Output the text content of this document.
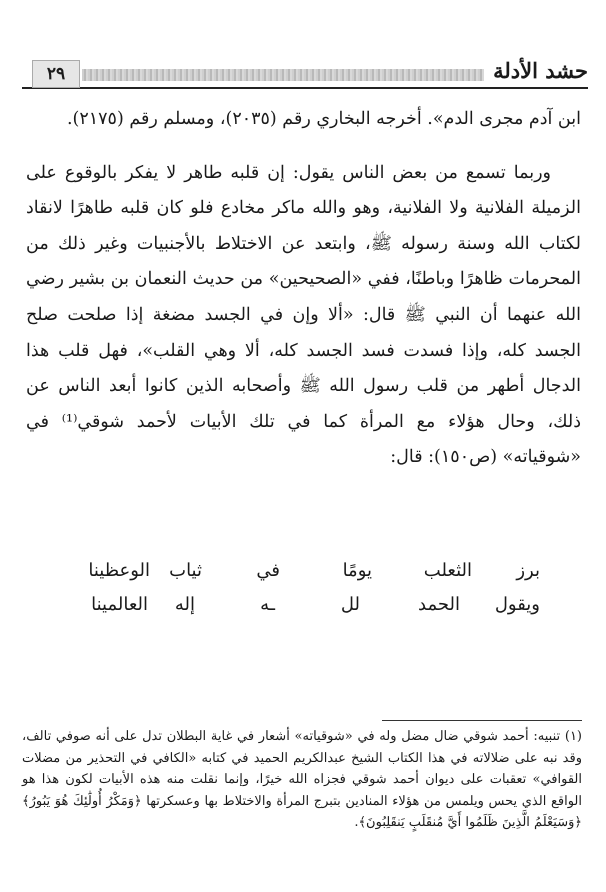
٢٩	حشد الأدلة

ابن آدم مجرى الدم». أخرجه البخاري رقم (٢٠٣٥)، ومسلم رقم (٢١٧٥).

وربما تسمع من بعض الناس يقول: إن قلبه طاهر لا يفكر بالوقوع على الزميلة الفلانية ولا الفلانية، وهو والله ماكر مخادع فلو كان قلبه طاهرًا لانقاد لكتاب الله وسنة رسوله ﷺ، وابتعد عن الاختلاط بالأجنبيات وغير ذلك من المحرمات ظاهرًا وباطنًا، ففي «الصحيحين» من حديث النعمان بن بشير رضي الله عنهما أن النبي ﷺ قال: «ألا وإن في الجسد مضغة إذا صلحت صلح الجسد كله، وإذا فسدت فسد الجسد كله، ألا وهي القلب»، فهل قلب هذا الدجال أطهر من قلب رسول الله ﷺ وأصحابه الذين كانوا أبعد الناس عن ذلك، وحال هؤلاء مع المرأة كما في تلك الأبيات لأحمد شوقي⁽¹⁾ في «شوقياته» (ص١٥٠): قال:

برز
الثعلب
يومًا
في
ثياب
الوعظينا
ويقول
الحمد
لل
ـه
إله
العالمينا

(١) تنبيه: أحمد شوقي ضال مضل وله في «شوقياته» أشعار في غاية البطلان تدل على أنه صوفي تالف، وقد نبه على ضلالاته في هذا الكتاب الشيخ عبدالكريم الحميد في كتابه «الكافي في التحذير من مضلات القوافي» تعقبات على ديوان أحمد شوقي فجزاه الله خيرًا، وإنما نقلت منه هذه الأبيات لكون هذا هو الواقع الذي يحس ويلمس من هؤلاء المنادين بتبرج المرأة والاختلاط بها وعسكرتها ﴿وَمَكْرُ أُولَٰئِكَ هُوَ يَبُورُ﴾ ﴿وَسَيَعْلَمُ الَّذِينَ ظَلَمُوا أَيَّ مُنقَلَبٍ يَنقَلِبُونَ﴾.
